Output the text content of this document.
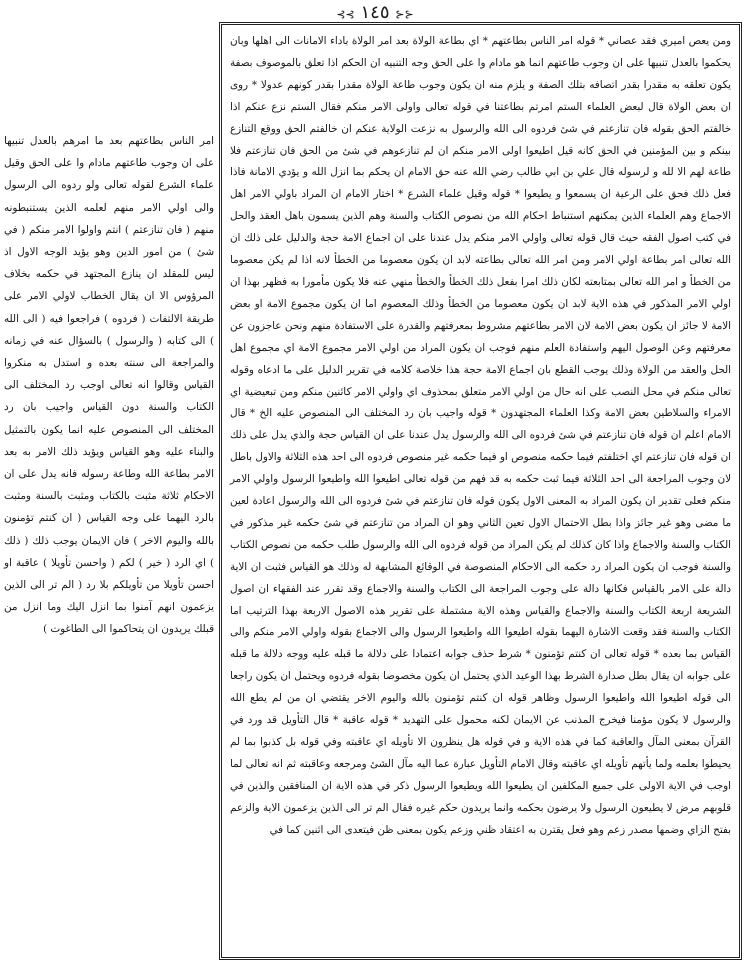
⊰⊰ ١٤٥ ⊱⊱

ومن يعص اميري فقد عصاني * قوله امر الناس بطاعتهم * اي بطاعة الولاة بعد امر الولاة باداء الامانات الى اهلها وبان يحكموا بالعدل تنبيها على ان وجوب طاعتهم انما هو مادام وا على الحق وجه التنبيه ان الحكم اذا تعلق بالموصوف بصفة يكون تعلقه به مقدرا بقدر اتصافه بتلك الصفة و يلزم منه ان يكون وجوب طاعة الولاة مقدرا بقدر كونهم عدولا * روى ان بعض الولاة قال لبعض العلماء الستم امرتم بطاعتنا في قوله تعالى واولى الامر منكم فقال الستم نزع عنكم اذا خالفتم الحق بقوله فان تنازعتم في شئ فردوه الى الله والرسول به نزعت الولاية عنكم ان خالفتم الحق ووقع التنازع بينكم و بين المؤمنين في الحق كانه قيل اطيعوا اولى الامر منكم ان لم تنازعوهم في شئ من الحق فان تنازعتم فلا طاعة لهم الا لله و لرسوله قال علي بن ابي طالب رضي الله عنه حق الامام ان يحكم بما انزل الله و يؤدي الامانة فاذا فعل ذلك فحق على الرعية ان يسمعوا و يطيعوا * قوله وقيل علماء الشرع * اختار الامام ان المراد باولي الامر اهل الاجماع وهم العلماء الذين يمكنهم استنباط احكام الله من نصوص الكتاب والسنة وهم الذين يسمون باهل العقد والحل في كتب اصول الفقه حيث قال قوله تعالى واولي الامر منكم يدل عندنا على ان اجماع الامة حجة والدليل على ذلك ان الله تعالى امر بطاعة اولي الامر ومن امر الله تعالى بطاعته لابد ان يكون معصوما من الخطأ لانه اذا لم يكن معصوما من الخطأ و امر الله تعالى بمتابعته لكان ذلك امرا بفعل ذلك الخطأ والخطأ منهي عنه فلا يكون مأمورا به فظهر بهذا ان اولي الامر المذكور في هذه الاية لابد ان يكون معصوما من الخطأ وذلك المعصوم اما ان يكون مجموع الامة او بعض الامة لا جائز ان يكون بعض الامة لان الامر بطاعتهم مشروط بمعرفتهم والقدرة على الاستفادة منهم ونحن عاجزون عن معرفتهم وعن الوصول اليهم واستفادة العلم منهم فوجب ان يكون المراد من اولي الامر مجموع الامة اي مجموع اهل الحل والعقد من الولاة وذلك يوجب القطع بان اجماع الامة حجة هذا خلاصة كلامه في تقرير الدليل على ما ادعاه وقوله تعالى منكم في محل النصب على انه حال من اولي الامر متعلق بمحذوف اي واولي الامر كائنين منكم ومن تبعيضية اي الامراء والسلاطين بعض الامة وكذا العلماء المجتهدون * قوله واجيب بان رد المختلف الى المنصوص عليه الخ * قال الامام اعلم ان قوله فان تنازعتم في شئ فردوه الى الله والرسول يدل عندنا على ان القياس حجة والذي يدل على ذلك ان قوله فان تنازعتم اي اختلفتم فيما حكمه منصوص او فيما حكمه غير منصوص فردوه الى احد هذه الثلاثة والاول باطل لان وجوب المراجعة الى احد الثلاثة فيما ثبت حكمه به قد فهم من قوله تعالى اطيعوا الله واطيعوا الرسول واولي الامر منكم فعلى تقدير ان يكون المراد به المعنى الاول يكون قوله فان تنازعتم في شئ فردوه الى الله والرسول اعادة لعين ما مضى وهو غير جائز واذا بطل الاحتمال الاول تعين الثاني وهو ان المراد من تنازعتم في شئ حكمه غير مذكور في الكتاب والسنة والاجماع واذا كان كذلك لم يكن المراد من قوله فردوه الى الله والرسول طلب حكمه من نصوص الكتاب والسنة فوجب ان يكون المراد رد حكمه الى الاحكام المنصوصة في الوقائع المشابهة له وذلك هو القياس فثبت ان الاية دالة على الامر بالقياس فكانها دالة على وجوب المراجعة الى الكتاب والسنة والاجماع وقد تقرر عند الفقهاء ان اصول الشريعة اربعة الكتاب والسنة والاجماع والقياس وهذه الاية مشتملة على تقرير هذه الاصول الاربعة بهذا الترتيب اما الكتاب والسنة فقد وقعت الاشارة اليهما بقوله اطيعوا الله واطيعوا الرسول والى الاجماع بقوله واولي الامر منكم والى القياس بما بعده * قوله تعالى ان كنتم تؤمنون * شرط حذف جوابه اعتمادا على دلالة ما قبله عليه ووجه دلالة ما قبله على جوابه ان يقال بطل صدارة الشرط بهذا الوعيد الذي يحتمل ان يكون مخصوصا بقوله فردوه ويحتمل ان يكون راجعا الى قوله اطيعوا الله واطيعوا الرسول وظاهر قوله ان كنتم تؤمنون بالله واليوم الاخر يقتضي ان من لم يطع الله والرسول لا يكون مؤمنا فيخرج المذنب عن الايمان لكنه محمول على التهديد * قوله عاقبة * قال التأويل قد ورد في القرآن بمعنى المآل والعاقبة كما في هذه الاية و في قوله هل ينظرون الا تأويله اي عاقبته وفي قوله بل كذبوا بما لم يحيطوا بعلمه ولما يأتهم تأويله اي عاقبته وقال الامام التأويل عبارة عما اليه مآل الشئ ومرجعه وعاقبته ثم انه تعالى لما اوجب في الاية الاولى على جميع المكلفين ان يطيعوا الله ويطيعوا الرسول ذكر في هذه الاية ان المنافقين والذين في قلوبهم مرض لا يطيعون الرسول ولا يرضون بحكمه وانما يريدون حكم غيره فقال الم تر الى الذين يزعمون الاية والزعم بفتح الزاي وضمها مصدر زعم وهو فعل يقترن به اعتقاد ظني وزعم يكون بمعنى ظن فيتعدى الى اثنين كما في

امر الناس بطاعتهم بعد ما امرهم بالعدل تنبيها على ان وجوب طاعتهم مادام وا على الحق وقيل علماء الشرع لقوله تعالى ولو ردوه الى الرسول والى اولي الامر منهم لعلمه الذين يستنبطونه منهم ( فان تنازعتم ) انتم واولوا الامر منكم ( في شئ ) من امور الدين وهو يؤيد الوجه الاول اذ ليس للمقلد ان ينازع المجتهد في حكمه بخلاف المرؤوس الا ان يقال الخطاب لاولي الامر على طريقة الالتفات ( فردوه ) فراجعوا فيه ( الى الله ) الى كتابه ( والرسول ) بالسؤال عنه في زمانه والمراجعة الى سنته بعده و استدل به منكروا القياس وقالوا انه تعالى اوجب رد المختلف الى الكتاب والسنة دون القياس واجيب بان رد المختلف الى المنصوص عليه انما يكون بالتمثيل والبناء عليه وهو القياس ويؤيد ذلك الامر به بعد الامر بطاعة الله وطاعة رسوله فانه يدل على ان الاحكام ثلاثة مثبت بالكتاب ومثبت بالسنة ومثبت بالرد اليهما على وجه القياس ( ان كنتم تؤمنون بالله واليوم الاخر ) فان الايمان يوجب ذلك ( ذلك ) اي الرد ( خير ) لكم ( واحسن تأويلا ) عاقبة او احسن تأويلا من تأويلكم بلا رد ( الم تر الى الذين يزعمون انهم آمنوا بما انزل اليك وما انزل من قبلك يريدون ان يتحاكموا الى الطاغوت )
